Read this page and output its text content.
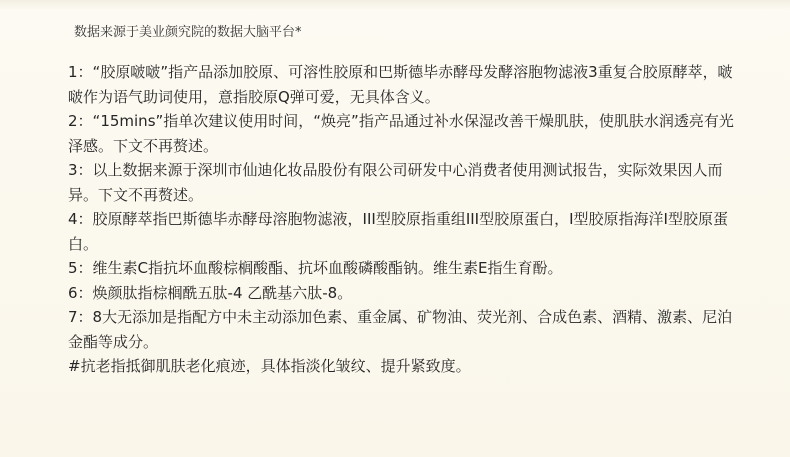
数据来源于美业颜究院的数据大脑平台*

1：“胶原啵啵”指产品添加胶原、可溶性胶原和巴斯德毕赤酵母发酵溶胞物滤液3重复合胶原酵萃，啵啵作为语气助词使用，意指胶原Q弹可爱，无具体含义。

2：“15mins”指单次建议使用时间，“焕亮”指产品通过补水保湿改善干燥肌肤，使肌肤水润透亮有光泽感。下文不再赘述。

3：以上数据来源于深圳市仙迪化妆品股份有限公司研发中心消费者使用测试报告，实际效果因人而异。下文不再赘述。

4：胶原酵萃指巴斯德毕赤酵母溶胞物滤液，III型胶原指重组III型胶原蛋白，I型胶原指海洋I型胶原蛋白。

5：维生素C指抗坏血酸棕榈酸酯、抗坏血酸磷酸酯钠。维生素E指生育酚。

6：焕颜肽指棕榈酰五肽-4 乙酰基六肽-8。

7：8大无添加是指配方中未主动添加色素、重金属、矿物油、荧光剂、合成色素、酒精、激素、尼泊金酯等成分。

#抗老指抵御肌肤老化痕迹，具体指淡化皱纹、提升紧致度。
